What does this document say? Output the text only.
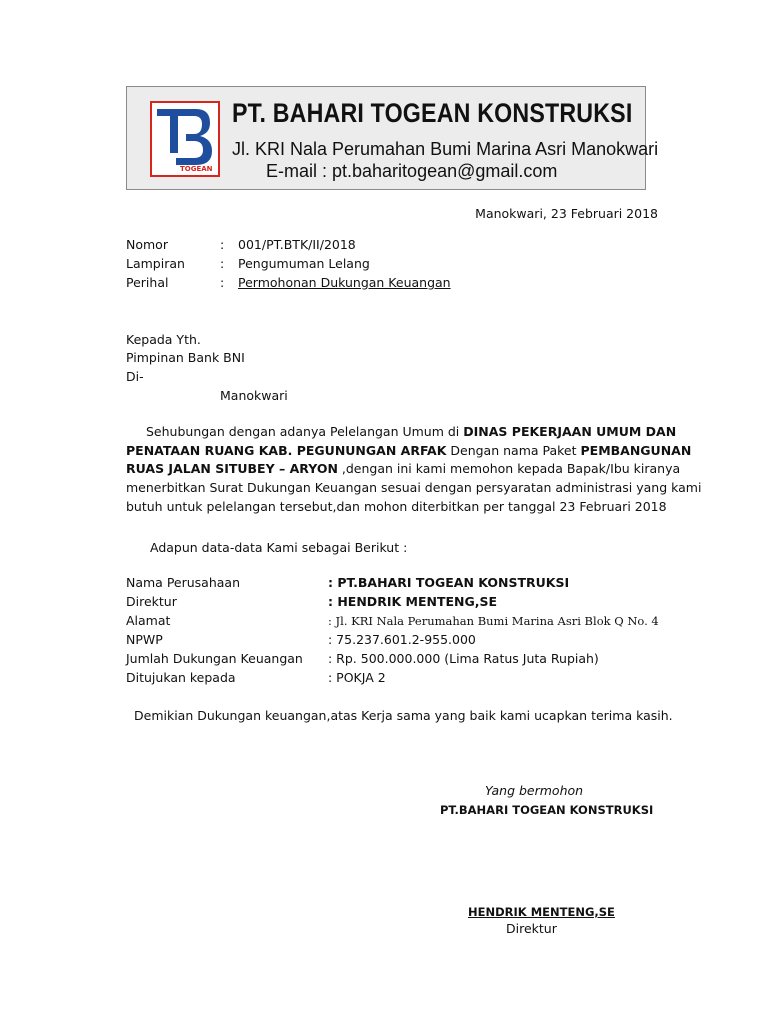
TOGEAN
PT. BAHARI TOGEAN KONSTRUKSI
Jl. KRI Nala Perumahan Bumi Marina Asri Manokwari
E-mail : pt.baharitogean@gmail.com
Manokwari, 23 Februari 2018
Nomor	: 001/PT.BTK/II/2018
Lampiran	: Pengumuman Lelang
Perihal	: Permohonan Dukungan Keuangan
Kepada Yth.
Pimpinan Bank BNI
Di-
Manokwari
Sehubungan dengan adanya Pelelangan Umum di DINAS PEKERJAAN UMUM DAN
PENATAAN RUANG KAB. PEGUNUNGAN ARFAK Dengan nama Paket PEMBANGUNAN
RUAS JALAN SITUBEY – ARYON ,dengan ini kami memohon kepada Bapak/Ibu kiranya
menerbitkan Surat Dukungan Keuangan sesuai dengan persyaratan administrasi yang kami
butuh untuk pelelangan tersebut,dan mohon diterbitkan per tanggal 23 Februari 2018
Adapun data-data Kami sebagai Berikut :
Nama Perusahaan	: PT.BAHARI TOGEAN KONSTRUKSI
Direktur	: HENDRIK MENTENG,SE
Alamat	: Jl. KRI Nala Perumahan Bumi Marina Asri Blok Q No. 4
NPWP	: 75.237.601.2-955.000
Jumlah Dukungan Keuangan : Rp. 500.000.000 (Lima Ratus Juta Rupiah)
Ditujukan kepada	: POKJA 2
Demikian Dukungan keuangan,atas Kerja sama yang baik kami ucapkan terima kasih.
Yang bermohon
PT.BAHARI TOGEAN KONSTRUKSI
HENDRIK MENTENG,SE
Direktur
